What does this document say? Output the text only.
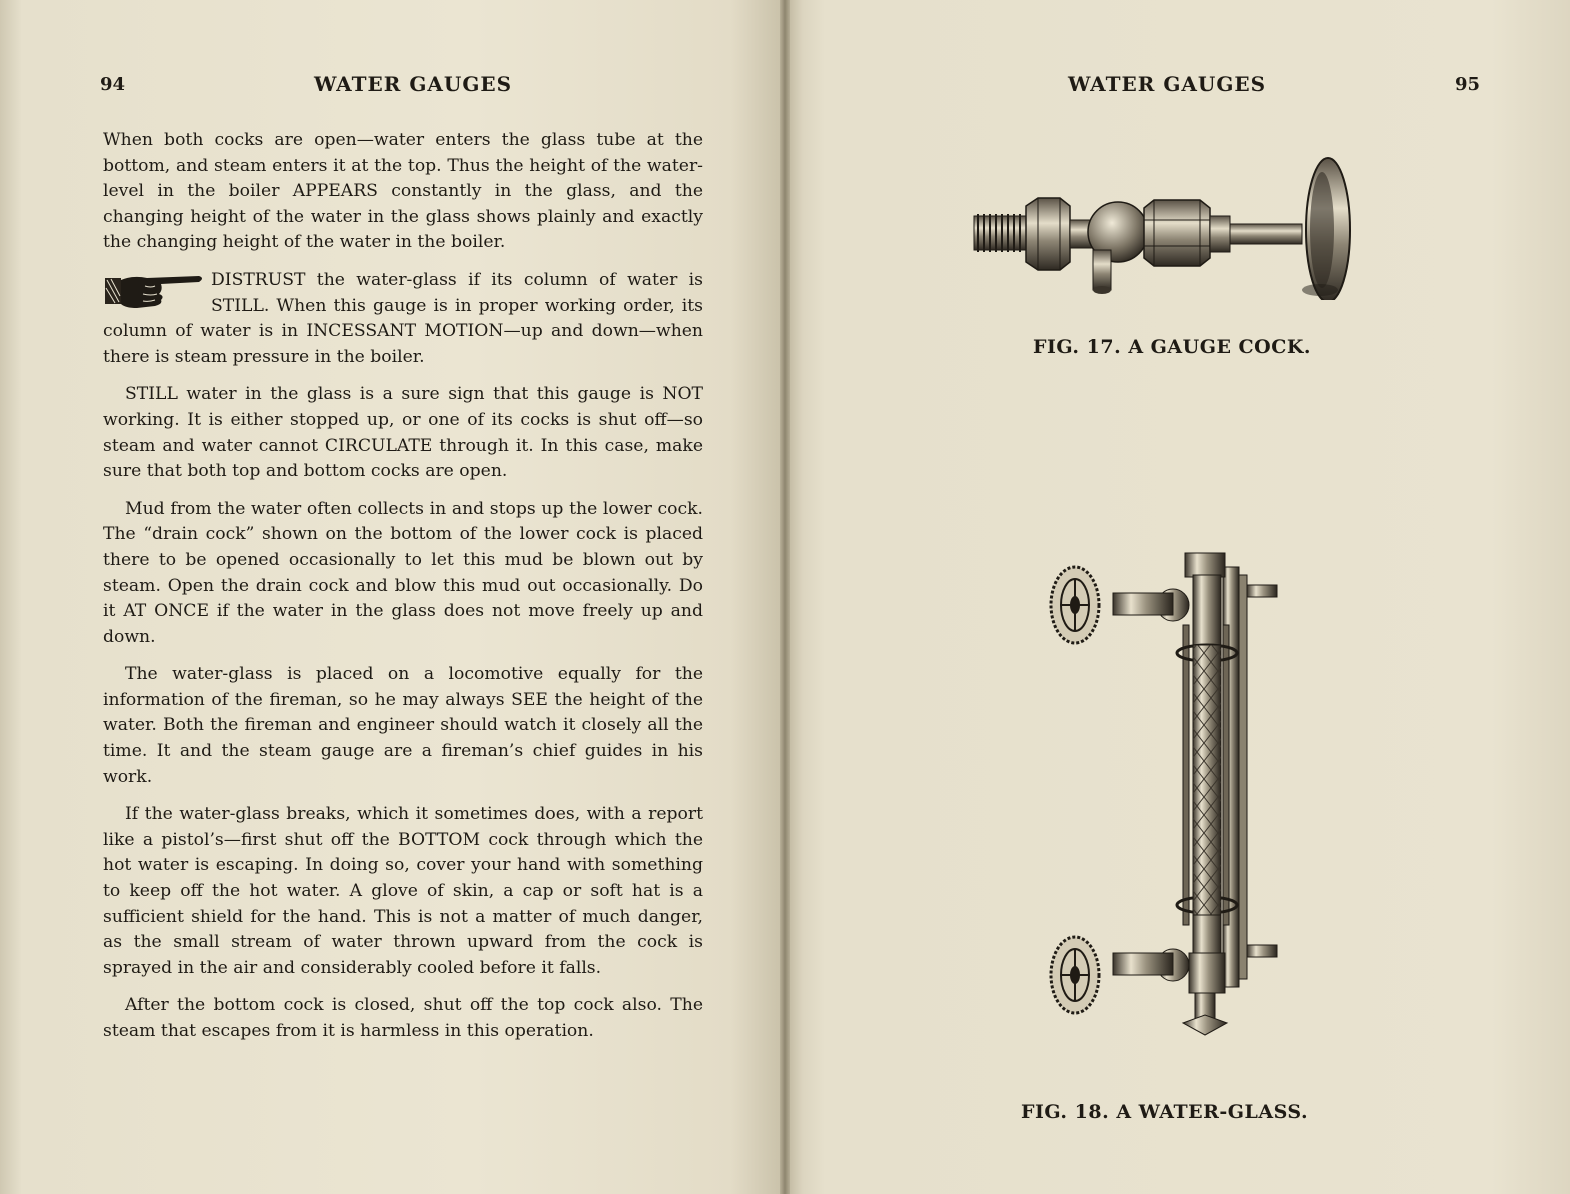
94	WATER GAUGES

When both cocks are open—water enters the glass tube at the bottom, and steam enters it at the top. Thus the height of the water-level in the boiler APPEARS constantly in the glass, and the changing height of the water in the glass shows plainly and exactly the changing height of the water in the boiler.

DISTRUST the water-glass if its column of water is STILL. When this gauge is in proper working order, its column of water is in INCESSANT MOTION—up and down—when there is steam pressure in the boiler.

STILL water in the glass is a sure sign that this gauge is NOT working. It is either stopped up, or one of its cocks is shut off—so steam and water cannot CIRCULATE through it. In this case, make sure that both top and bottom cocks are open.

Mud from the water often collects in and stops up the lower cock. The “drain cock” shown on the bottom of the lower cock is placed there to be opened occasionally to let this mud be blown out by steam. Open the drain cock and blow this mud out occasionally. Do it AT ONCE if the water in the glass does not move freely up and down.

The water-glass is placed on a locomotive equally for the information of the fireman, so he may always SEE the height of the water. Both the fireman and engineer should watch it closely all the time. It and the steam gauge are a fireman’s chief guides in his work.

If the water-glass breaks, which it sometimes does, with a report like a pistol’s—first shut off the BOTTOM cock through which the hot water is escaping. In doing so, cover your hand with something to keep off the hot water. A glove of skin, a cap or soft hat is a sufficient shield for the hand. This is not a matter of much danger, as the small stream of water thrown upward from the cock is sprayed in the air and considerably cooled before it falls.

After the bottom cock is closed, shut off the top cock also. The steam that escapes from it is harmless in this operation.

WATER GAUGES	95
FIG. 17. A GAUGE COCK.
FIG. 18. A WATER-GLASS.
